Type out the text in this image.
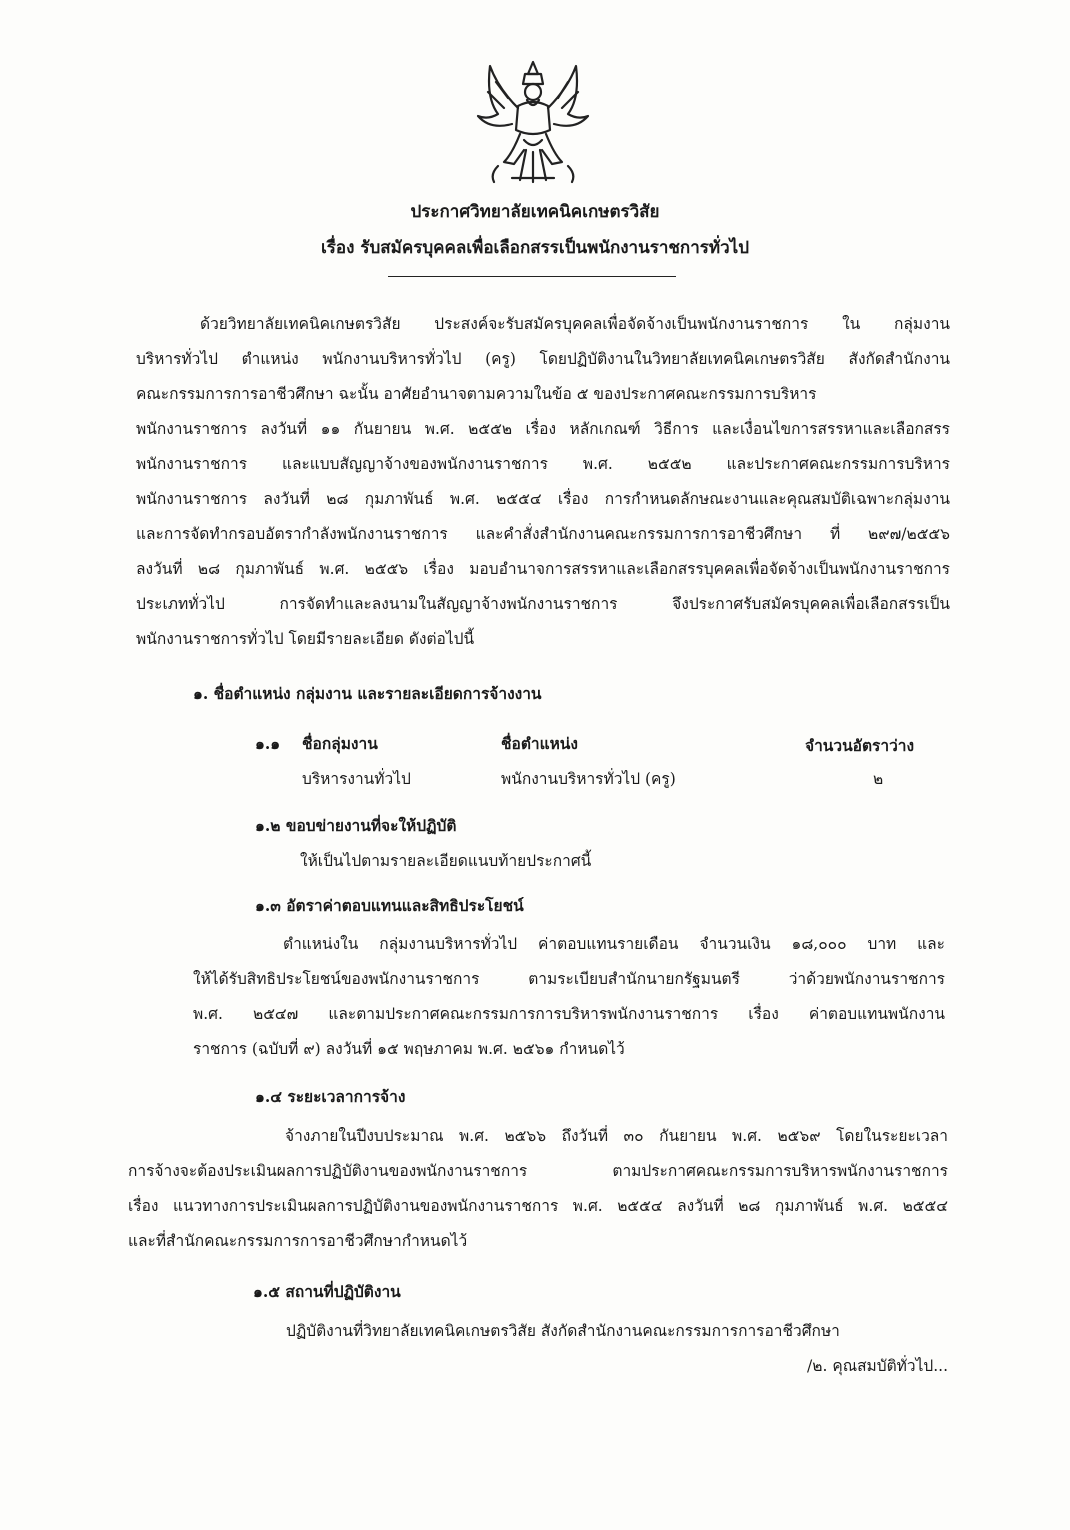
ประกาศวิทยาลัยเทคนิคเกษตรวิสัย
เรื่อง รับสมัครบุคคลเพื่อเลือกสรรเป็นพนักงานราชการทั่วไป
ด้วยวิทยาลัยเทคนิคเกษตรวิสัย ประสงค์จะรับสมัครบุคคลเพื่อจัดจ้างเป็นพนักงานราชการ ใน กลุ่มงาน
บริหารทั่วไป ตำแหน่ง พนักงานบริหารทั่วไป (ครู) โดยปฏิบัติงานในวิทยาลัยเทคนิคเกษตรวิสัย สังกัดสำนักงาน
คณะกรรมการการอาชีวศึกษา ฉะนั้น อาศัยอำนาจตามความในข้อ ๕ ของประกาศคณะกรรมการบริหาร
พนักงานราชการ ลงวันที่ ๑๑ กันยายน พ.ศ. ๒๕๕๒ เรื่อง หลักเกณฑ์ วิธีการ และเงื่อนไขการสรรหาและเลือกสรร
พนักงานราชการ และแบบสัญญาจ้างของพนักงานราชการ พ.ศ. ๒๕๕๒ และประกาศคณะกรรมการบริหาร
พนักงานราชการ ลงวันที่ ๒๘ กุมภาพันธ์ พ.ศ. ๒๕๕๔ เรื่อง การกำหนดลักษณะงานและคุณสมบัติเฉพาะกลุ่มงาน
และการจัดทำกรอบอัตรากำลังพนักงานราชการ และคำสั่งสำนักงานคณะกรรมการการอาชีวศึกษา ที่ ๒๙๗/๒๕๕๖
ลงวันที่ ๒๘ กุมภาพันธ์ พ.ศ. ๒๕๕๖ เรื่อง มอบอำนาจการสรรหาและเลือกสรรบุคคลเพื่อจัดจ้างเป็นพนักงานราชการ
ประเภททั่วไป การจัดทำและลงนามในสัญญาจ้างพนักงานราชการ จึงประกาศรับสมัครบุคคลเพื่อเลือกสรรเป็น
พนักงานราชการทั่วไป โดยมีรายละเอียด ดังต่อไปนี้
๑. ชื่อตำแหน่ง กลุ่มงาน และรายละเอียดการจ้างงาน
๑.๑ ชื่อกลุ่มงาน	ชื่อตำแหน่ง	จำนวนอัตราว่าง
บริหารงานทั่วไป	พนักงานบริหารทั่วไป (ครู)	๒
๑.๒ ขอบข่ายงานที่จะให้ปฏิบัติ
ให้เป็นไปตามรายละเอียดแนบท้ายประกาศนี้
๑.๓ อัตราค่าตอบแทนและสิทธิประโยชน์
ตำแหน่งใน กลุ่มงานบริหารทั่วไป ค่าตอบแทนรายเดือน จำนวนเงิน ๑๘,๐๐๐ บาท และ
ให้ได้รับสิทธิประโยชน์ของพนักงานราชการ ตามระเบียบสำนักนายกรัฐมนตรี ว่าด้วยพนักงานราชการ
พ.ศ. ๒๕๔๗ และตามประกาศคณะกรรมการการบริหารพนักงานราชการ เรื่อง ค่าตอบแทนพนักงาน
ราชการ (ฉบับที่ ๙) ลงวันที่ ๑๕ พฤษภาคม พ.ศ. ๒๕๖๑ กำหนดไว้
๑.๔ ระยะเวลาการจ้าง
จ้างภายในปีงบประมาณ พ.ศ. ๒๕๖๖ ถึงวันที่ ๓๐ กันยายน พ.ศ. ๒๕๖๙ โดยในระยะเวลา
การจ้างจะต้องประเมินผลการปฏิบัติงานของพนักงานราชการ ตามประกาศคณะกรรมการบริหารพนักงานราชการ
เรื่อง แนวทางการประเมินผลการปฏิบัติงานของพนักงานราชการ พ.ศ. ๒๕๕๔ ลงวันที่ ๒๘ กุมภาพันธ์ พ.ศ. ๒๕๕๔
และที่สำนักคณะกรรมการการอาชีวศึกษากำหนดไว้
๑.๕ สถานที่ปฏิบัติงาน
ปฏิบัติงานที่วิทยาลัยเทคนิคเกษตรวิสัย สังกัดสำนักงานคณะกรรมการการอาชีวศึกษา
/๒. คุณสมบัติทั่วไป...
